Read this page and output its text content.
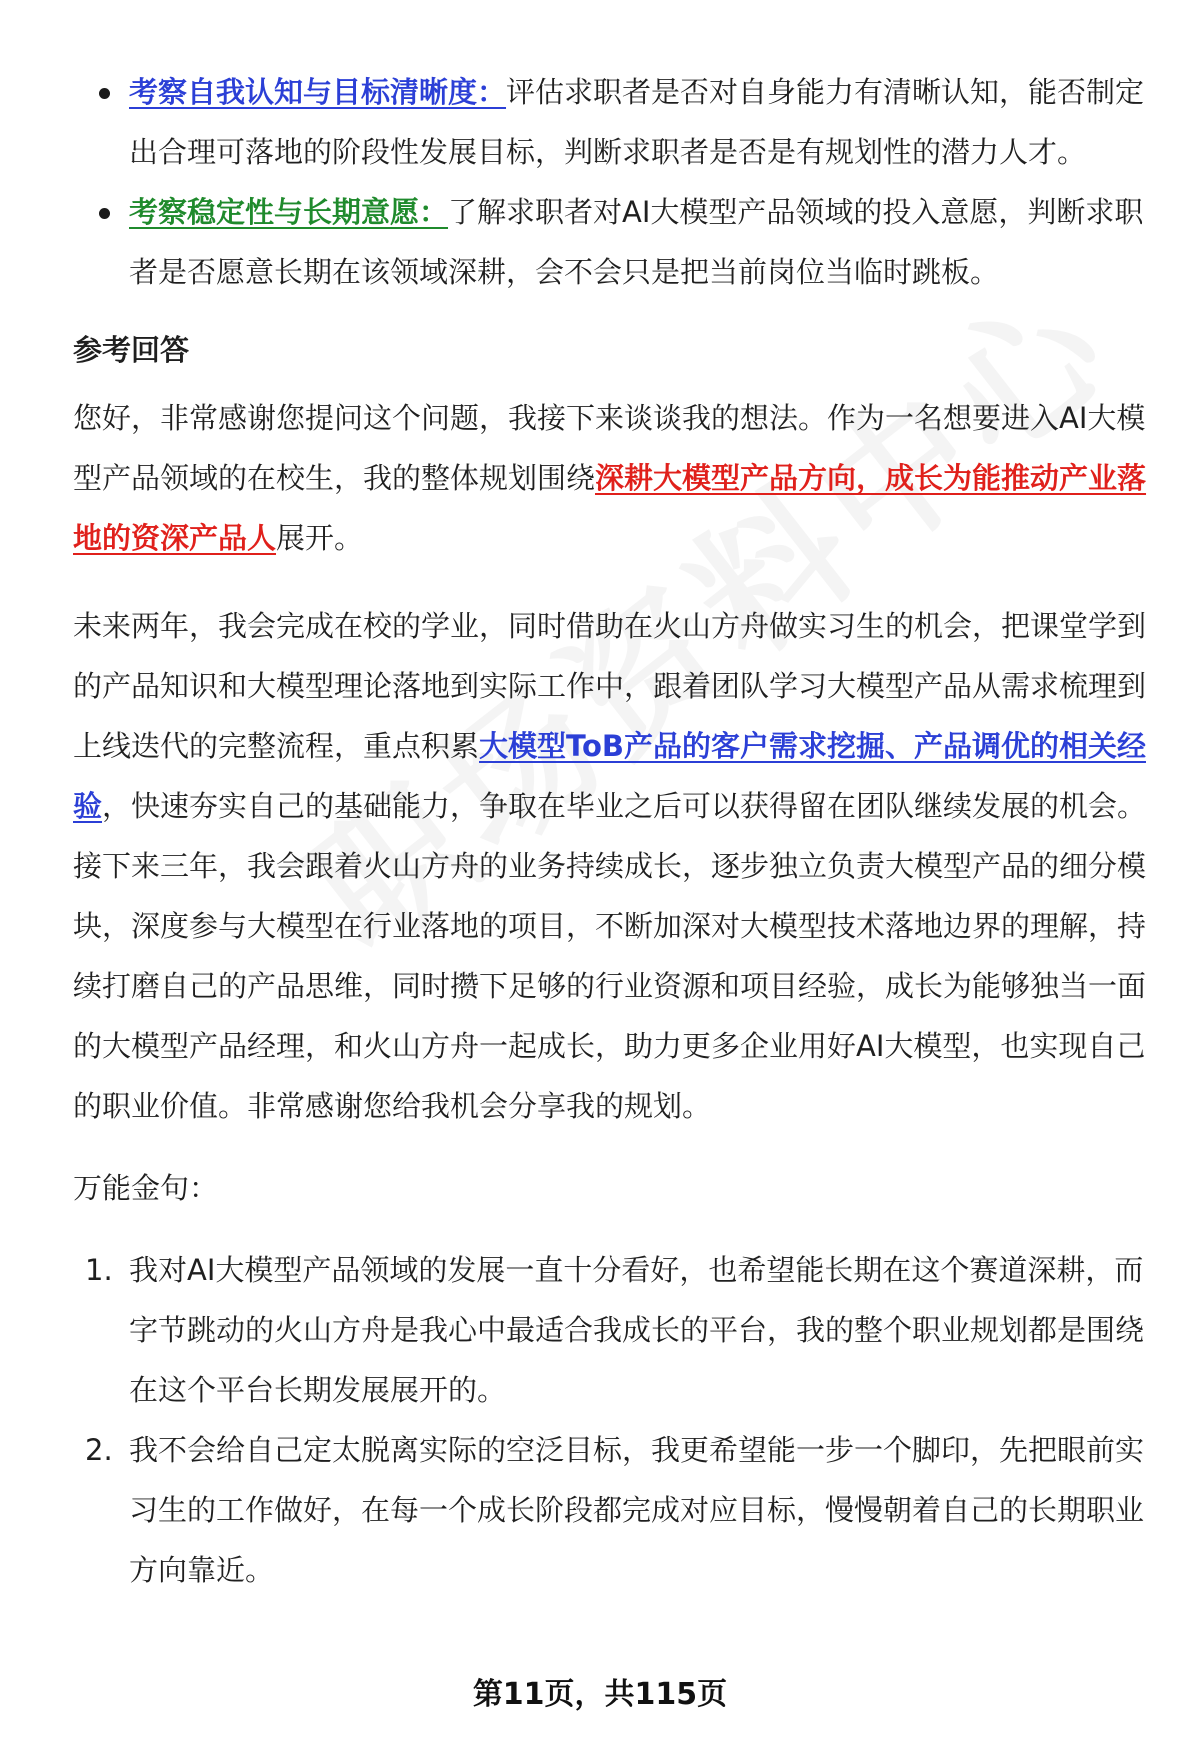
考察自我认知与目标清晰度：评估求职者是否对自身能力有清晰认知，能否制定出合理可落地的阶段性发展目标，判断求职者是否是有规划性的潜力人才。
考察稳定性与长期意愿：了解求职者对AI大模型产品领域的投入意愿，判断求职者是否愿意长期在该领域深耕，会不会只是把当前岗位当临时跳板。

参考回答

您好，非常感谢您提问这个问题，我接下来谈谈我的想法。作为一名想要进入AI大模型产品领域的在校生，我的整体规划围绕深耕大模型产品方向，成长为能推动产业落地的资深产品人展开。

未来两年，我会完成在校的学业，同时借助在火山方舟做实习生的机会，把课堂学到的产品知识和大模型理论落地到实际工作中，跟着团队学习大模型产品从需求梳理到上线迭代的完整流程，重点积累大模型ToB产品的客户需求挖掘、产品调优的相关经验，快速夯实自己的基础能力，争取在毕业之后可以获得留在团队继续发展的机会。

接下来三年，我会跟着火山方舟的业务持续成长，逐步独立负责大模型产品的细分模块，深度参与大模型在行业落地的项目，不断加深对大模型技术落地边界的理解，持续打磨自己的产品思维，同时攒下足够的行业资源和项目经验，成长为能够独当一面的大模型产品经理，和火山方舟一起成长，助力更多企业用好AI大模型，也实现自己的职业价值。非常感谢您给我机会分享我的规划。

万能金句：

1. 我对AI大模型产品领域的发展一直十分看好，也希望能长期在这个赛道深耕，而字节跳动的火山方舟是我心中最适合我成长的平台，我的整个职业规划都是围绕在这个平台长期发展展开的。
2. 我不会给自己定太脱离实际的空泛目标，我更希望能一步一个脚印，先把眼前实习生的工作做好，在每一个成长阶段都完成对应目标，慢慢朝着自己的长期职业方向靠近。
第11页，共115页
